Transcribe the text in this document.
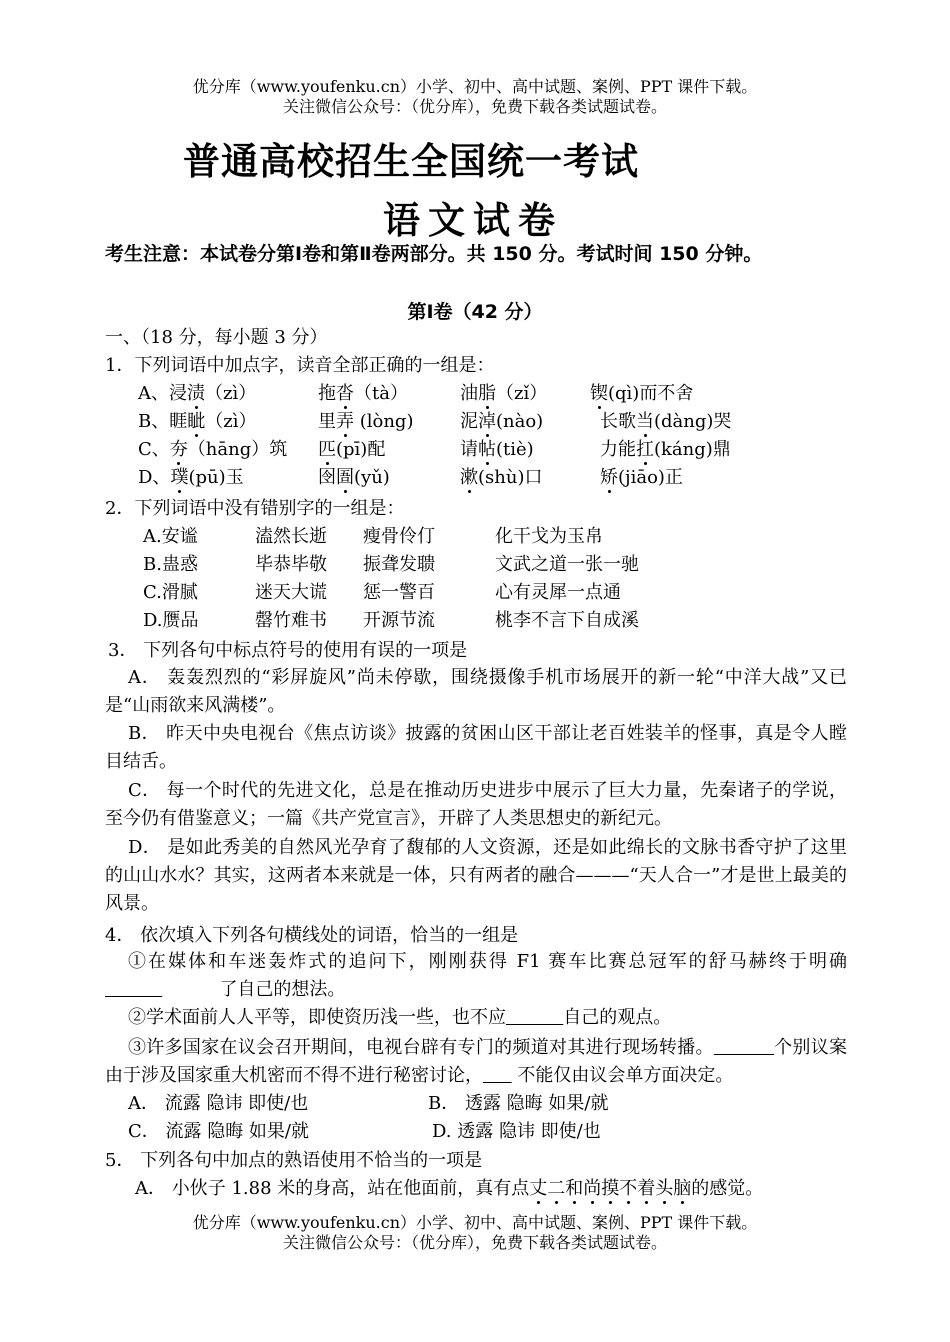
优分库（www.youfenku.cn）小学、初中、高中试题、案例、PPT 课件下载。
关注微信公众号：（优分库），免费下载各类试题试卷。
普通高校招生全国统一考试
语文试卷
考生注意：本试卷分第Ⅰ卷和第Ⅱ卷两部分。共 150 分。考试时间 150 分钟。
第Ⅰ卷（42 分）
一、（18 分，每小题 3 分）
1．下列词语中加点字，读音全部正确的一组是：
A、浸渍（zì）	拖沓（tà）	油脂（zǐ） 锲(qì)而不舍
B、睚眦（zì）	里弄 (lòng)	泥淖(nào)	长歌当(dàng)哭
C、夯（hāng）筑 匹(pī)配	请帖(tiè)	力能扛(káng)鼎
D、璞(pū)玉	囹圄(yǔ)	漱(shù)口	矫(jiāo)正
2．下列词语中没有错别字的一组是：
A.安谧	溘然长逝 瘦骨伶仃	化干戈为玉帛
B.蛊惑	毕恭毕敬 振聋发聩	文武之道一张一驰
C.滑腻	迷天大谎 惩一警百	心有灵犀一点通
D.赝品	罄竹难书 开源节流	桃李不言下自成溪
3． 下列各句中标点符号的使用有误的一项是
A． 轰轰烈烈的“彩屏旋风”尚未停歇，围绕摄像手机市场展开的新一轮“中洋大战”又已是“山雨欲来风满楼”。
B． 昨天中央电视台《焦点访谈》披露的贫困山区干部让老百姓装羊的怪事，真是令人瞠目结舌。
C． 每一个时代的先进文化，总是在推动历史进步中展示了巨大力量，先秦诸子的学说，至今仍有借鉴意义；一篇《共产党宣言》，开辟了人类思想史的新纪元。
D． 是如此秀美的自然风光孕育了馥郁的人文资源，还是如此绵长的文脉书香守护了这里的山山水水？其实，这两者本来就是一体，只有两者的融合———“天人合一”才是世上最美的风景。
4． 依次填入下列各句横线处的词语，恰当的一组是
①在媒体和车迷轰炸式的追问下，刚刚获得 F1 赛车比赛总冠军的舒马赫终于明确                     了自己的想法。
②学术面前人人平等，即使资历浅一些，也不应	自己的观点。
③许多国家在议会召开期间，电视台辟有专门的频道对其进行现场转播。	个别议案由于涉及国家重大机密而不得不进行秘密讨论，      不能仅由议会单方面决定。
A． 流露 隐讳 即使/也	B． 透露 隐晦 如果/就
C． 流露 隐晦 如果/就	D. 透露 隐讳 即使/也
5． 下列各句中加点的熟语使用不恰当的一项是
A． 小伙子 1.88 米的身高，站在他面前，真有点丈二和尚摸不着头脑的感觉。
优分库（www.youfenku.cn）小学、初中、高中试题、案例、PPT 课件下载。
关注微信公众号：（优分库），免费下载各类试题试卷。
